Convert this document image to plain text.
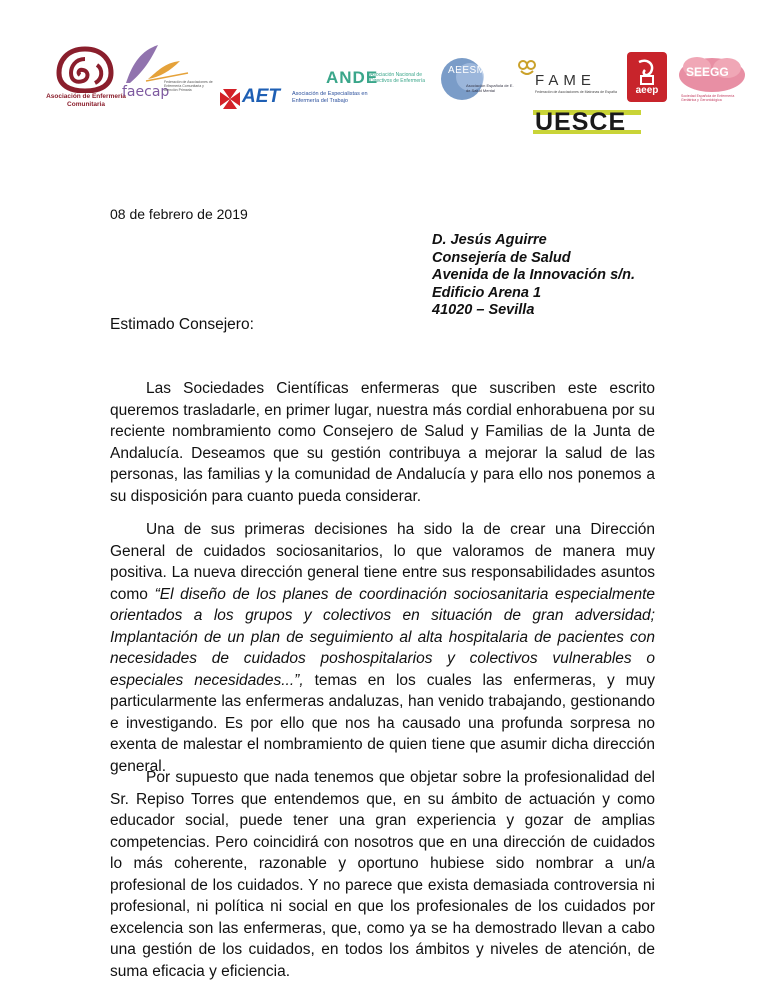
Asociación de Enfermería Comunitaria
faecap
Federación de Asociaciones de Enfermería Comunitaria y Atención Primaria	AET Asociación de Especialistas en Enfermería del Trabajo
ANDE
Asociación Nacional de Directivos de Enfermería
AEESME
Asociación Española de E. de Salud Mental
FAME
Federación de Asociaciones de Matronas de España	aeep
SEEGG
Sociedad Española de Enfermería Geriátrica y Gerontológica
UESCE
08 de febrero de 2019
D. Jesús Aguirre
Consejería de Salud
Avenida de la Innovación s/n.
Edificio Arena 1
41020 – Sevilla
Estimado Consejero:
Las Sociedades Científicas enfermeras que suscriben este escrito queremos trasladarle, en primer lugar, nuestra más cordial enhorabuena por su reciente nombramiento como Consejero de Salud y Familias de la Junta de Andalucía. Deseamos que su gestión contribuya a mejorar la salud de las personas, las familias y la comunidad de Andalucía y para ello nos ponemos a su disposición para cuanto pueda considerar.
Una de sus primeras decisiones ha sido la de crear una Dirección General de cuidados sociosanitarios, lo que valoramos de manera muy positiva. La nueva dirección general tiene entre sus responsabilidades asuntos como “El diseño de los planes de coordinación sociosanitaria especialmente orientados a los grupos y colectivos en situación de gran adversidad; Implantación de un plan de seguimiento al alta hospitalaria de pacientes con necesidades de cuidados poshospitalarios y colectivos vulnerables o especiales necesidades...”, temas en los cuales las enfermeras, y muy particularmente las enfermeras andaluzas, han venido trabajando, gestionando e investigando. Es por ello que nos ha causado una profunda sorpresa no exenta de malestar el nombramiento de quien tiene que asumir dicha dirección general.
Por supuesto que nada tenemos que objetar sobre la profesionalidad del Sr. Repiso Torres que entendemos que, en su ámbito de actuación y como educador social, puede tener una gran experiencia y gozar de amplias competencias. Pero coincidirá con nosotros que en una dirección de cuidados lo más coherente, razonable y oportuno hubiese sido nombrar a un/a profesional de los cuidados. Y no parece que exista demasiada controversia ni profesional, ni política ni social en que los profesionales de los cuidados por excelencia son las enfermeras, que, como ya se ha demostrado llevan a cabo una gestión de los cuidados, en todos los ámbitos y niveles de atención, de suma eficacia y eficiencia.
